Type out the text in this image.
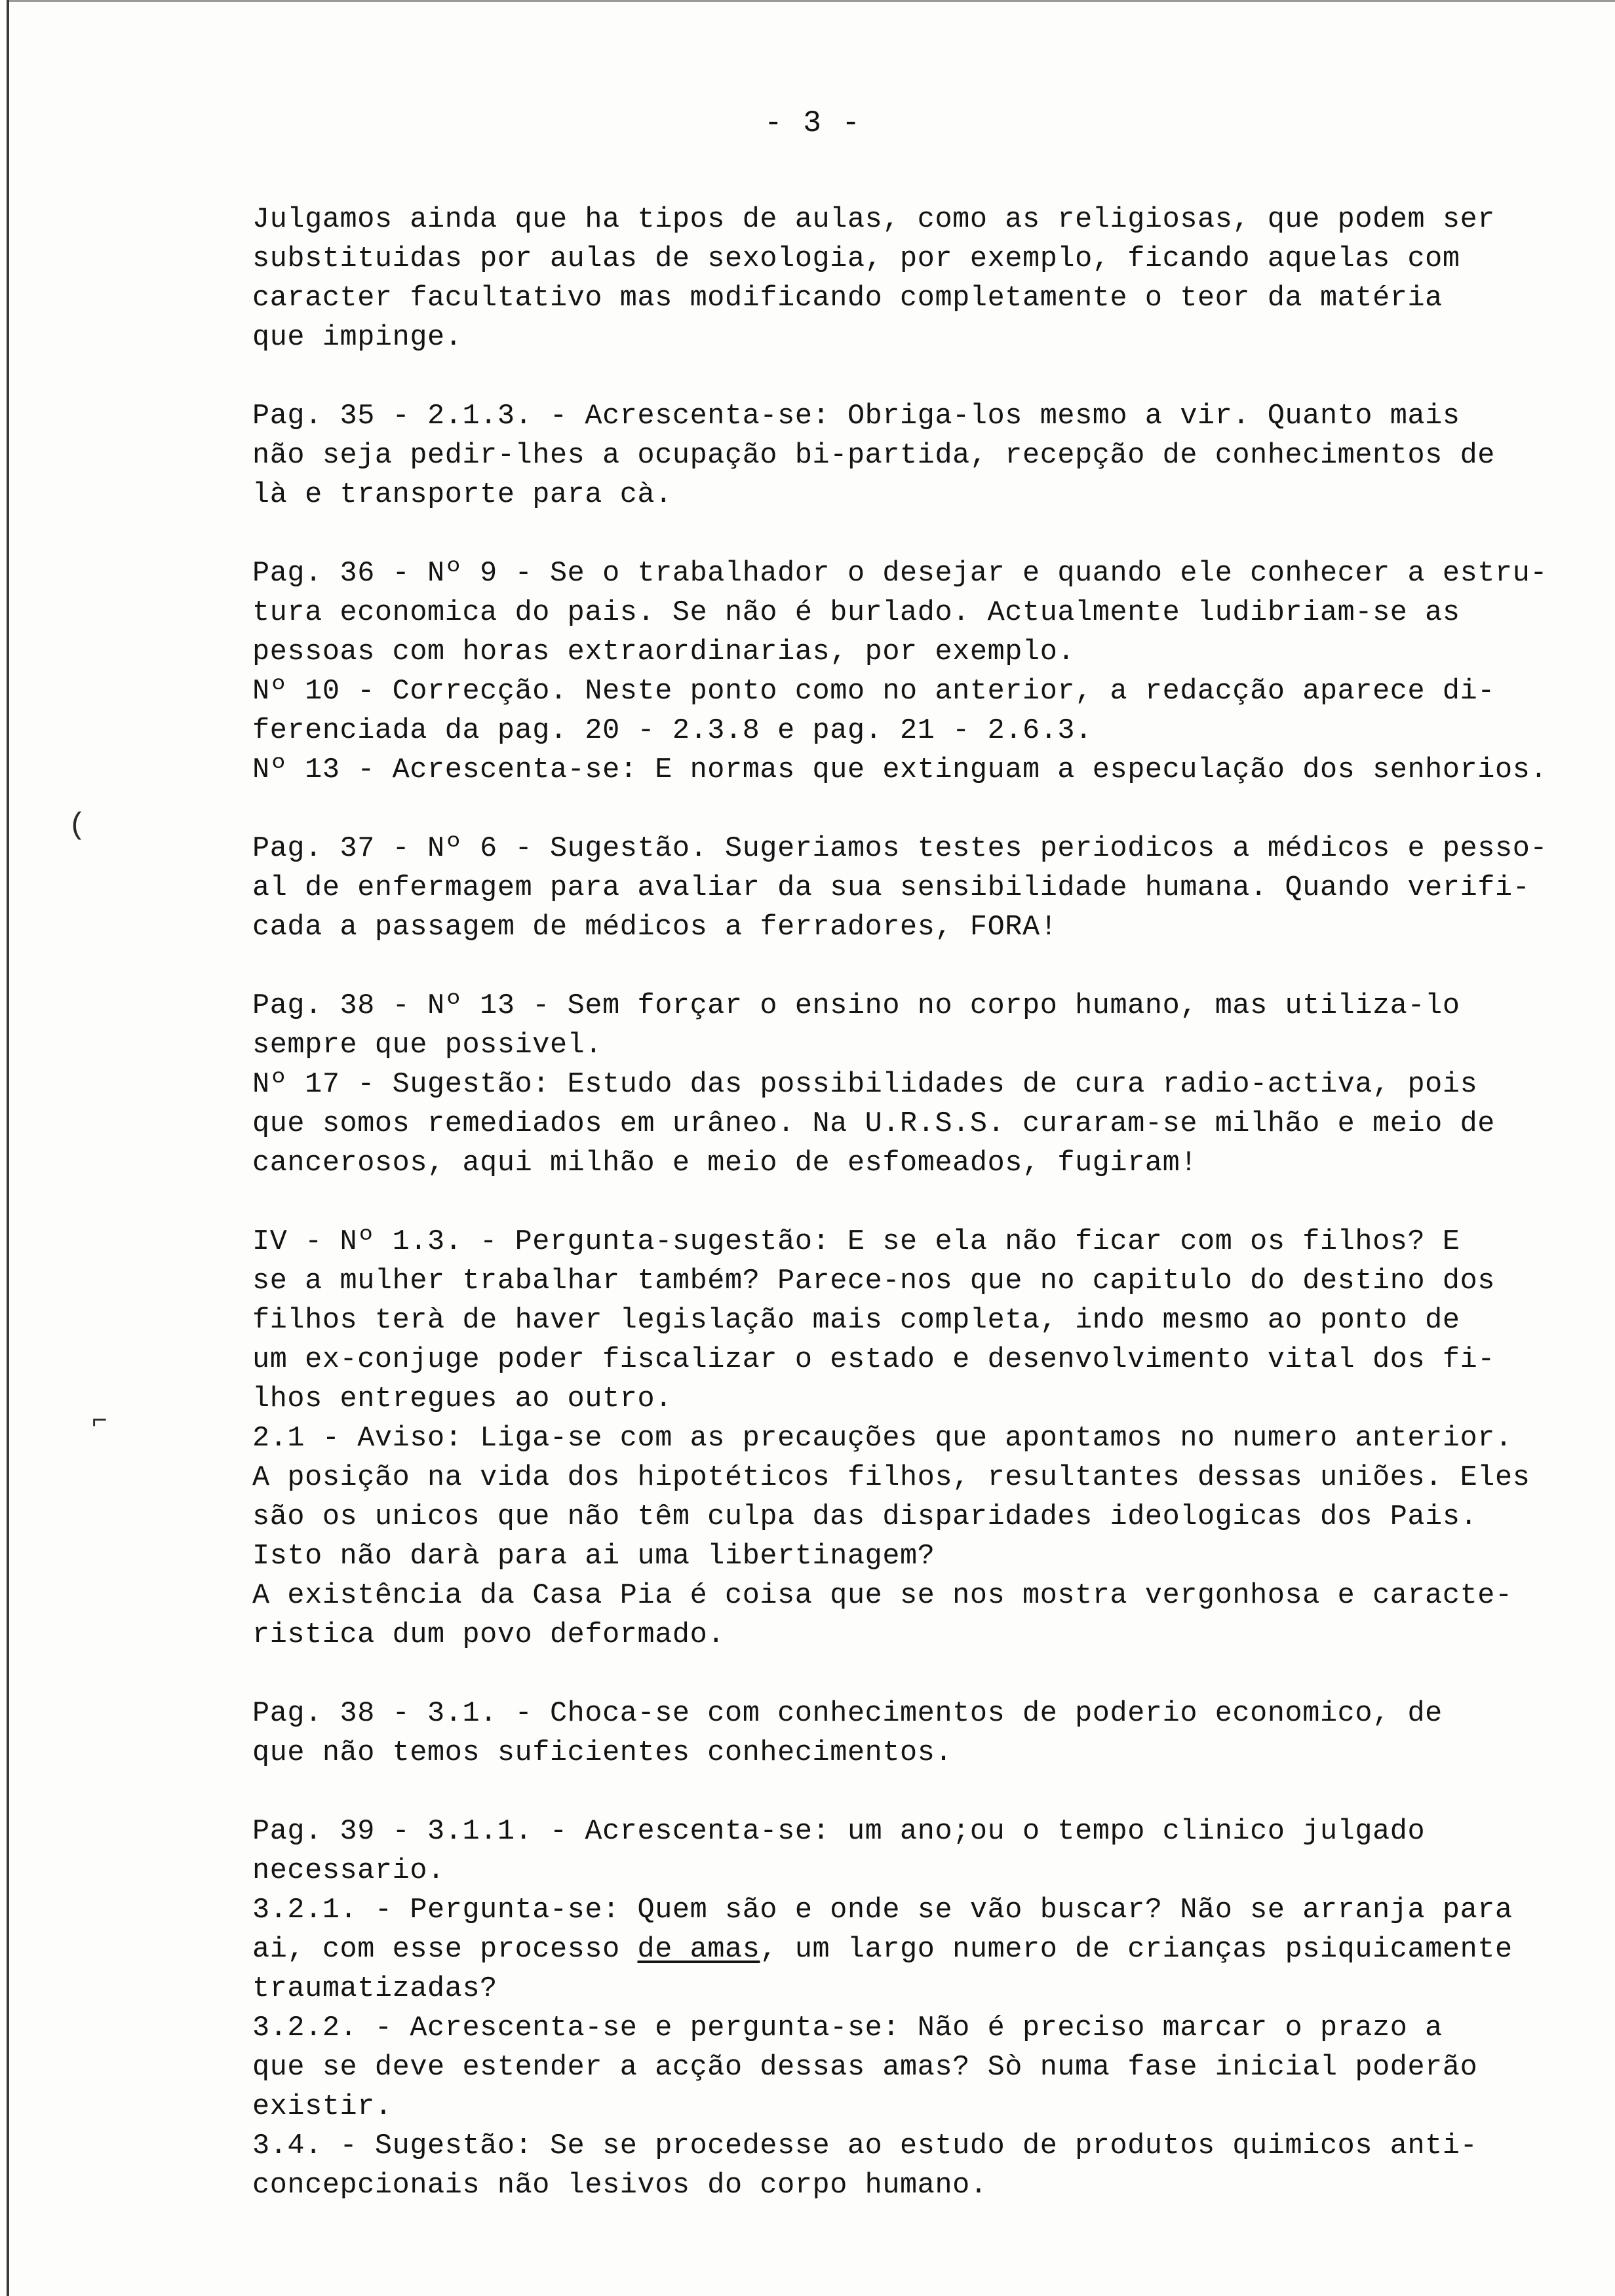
- 3 -
(
⌐
Julgamos ainda que ha tipos de aulas, como as religiosas, que podem ser
substituidas por aulas de sexologia, por exemplo, ficando aquelas com
caracter facultativo mas modificando completamente o teor da matéria
que impinge.
Pag. 35 - 2.1.3. - Acrescenta-se: Obriga-los mesmo a vir. Quanto mais
não seja pedir-lhes a ocupação bi-partida, recepção de conhecimentos de
là e transporte para cà.
Pag. 36 - Nº 9 - Se o trabalhador o desejar e quando ele conhecer a estru-
tura economica do pais. Se não é burlado. Actualmente ludibriam-se as
pessoas com horas extraordinarias, por exemplo.
Nº 10 - Correcção. Neste ponto como no anterior, a redacção aparece di-
ferenciada da pag. 20 - 2.3.8 e pag. 21 - 2.6.3.
Nº 13 - Acrescenta-se: E normas que extinguam a especulação dos senhorios.
Pag. 37 - Nº 6 - Sugestão. Sugeriamos testes periodicos a médicos e pesso-
al de enfermagem para avaliar da sua sensibilidade humana. Quando verifi-
cada a passagem de médicos a ferradores, FORA!
Pag. 38 - Nº 13 - Sem forçar o ensino no corpo humano, mas utiliza-lo
sempre que possivel.
Nº 17 - Sugestão: Estudo das possibilidades de cura radio-activa, pois
que somos remediados em urâneo. Na U.R.S.S. curaram-se milhão e meio de
cancerosos, aqui milhão e meio de esfomeados, fugiram!
IV - Nº 1.3. - Pergunta-sugestão: E se ela não ficar com os filhos? E
se a mulher trabalhar também? Parece-nos que no capitulo do destino dos
filhos terà de haver legislação mais completa, indo mesmo ao ponto de
um ex-conjuge poder fiscalizar o estado e desenvolvimento vital dos fi-
lhos entregues ao outro.
2.1 - Aviso: Liga-se com as precauções que apontamos no numero anterior.
A posição na vida dos hipotéticos filhos, resultantes dessas uniões. Eles
são os unicos que não têm culpa das disparidades ideologicas dos Pais.
Isto não darà para ai uma libertinagem?
A existência da Casa Pia é coisa que se nos mostra vergonhosa e caracte-
ristica dum povo deformado.
Pag. 38 - 3.1. - Choca-se com conhecimentos de poderio economico, de
que não temos suficientes conhecimentos.
Pag. 39 - 3.1.1. - Acrescenta-se: um ano;ou o tempo clinico julgado
necessario.
3.2.1. - Pergunta-se: Quem são e onde se vão buscar? Não se arranja para
ai, com esse processo de amas, um largo numero de crianças psiquicamente
traumatizadas?
3.2.2. - Acrescenta-se e pergunta-se: Não é preciso marcar o prazo a
que se deve estender a acção dessas amas? Sò numa fase inicial poderão
existir.
3.4. - Sugestão: Se se procedesse ao estudo de produtos quimicos anti-
concepcionais não lesivos do corpo humano.
